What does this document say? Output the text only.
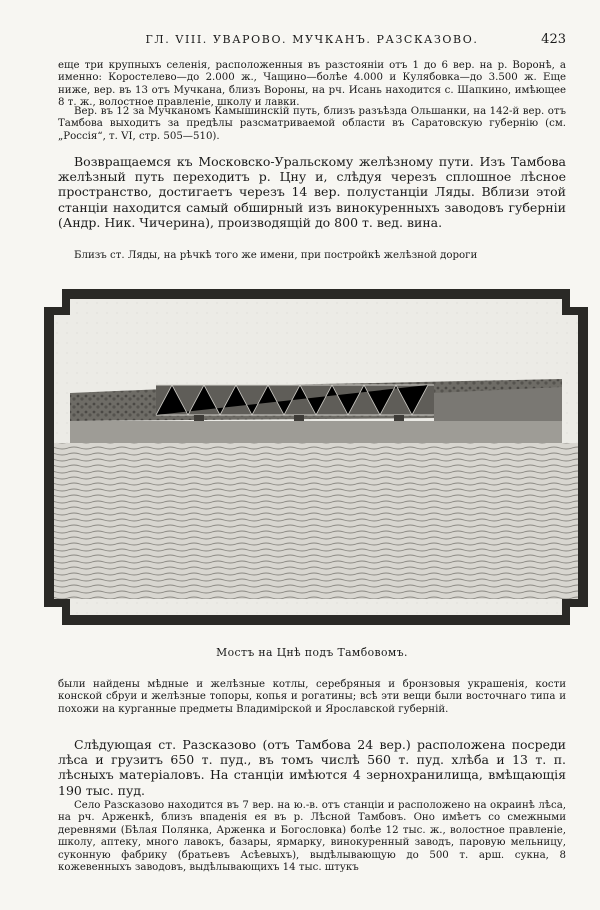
ГЛ. VIII. УВАРОВО. МУЧКАНЪ. РАЗСКАЗОВО.	423

еще три крупныхъ селенія, расположенныя въ разстояніи отъ 1 до 6 вер. на р. Воронѣ, а именно: Коростелево—до 2.000 ж., Чащино—болѣе 4.000 и Кулябовка—до 3.500 ж. Еще ниже, вер. въ 13 отъ Мучкана, близъ Вороны, на рч. Исань находится с. Шапкино, имѣющее 8 т. ж., волостное правленіе, школу и лавки.

Вер. въ 12 за Мучканомъ Камышинскій путь, близъ разъѣзда Ольшанки, на 142-й вер. отъ Тамбова выходитъ за предѣлы разсматриваемой области въ Саратовскую губернію (см. „Россія“, т. VI, стр. 505—510).

Возвращаемся къ Московско-Уральскому желѣзному пути. Изъ Тамбова желѣзный путь переходитъ р. Цну и, слѣдуя черезъ сплошное лѣсное пространство, достигаетъ черезъ 14 вер. полустанціи Ляды. Вблизи этой станціи находится самый обширный изъ винокуренныхъ заводовъ губерніи (Андр. Ник. Чичерина), производящій до 800 т. вед. вина.

Близъ ст. Ляды, на рѣчкѣ того же имени, при постройкѣ желѣзной дороги

Мостъ на Цнѣ подъ Тамбовомъ.

были найдены мѣдные и желѣзные котлы, серебряныя и бронзовыя украшенія, кости конской сбруи и желѣзные топоры, копья и рогатины; всѣ эти вещи были восточнаго типа и похожи на курганные предметы Владимірской и Ярославской губерній.

Слѣдующая ст. Разсказово (отъ Тамбова 24 вер.) расположена посреди лѣса и грузитъ 650 т. пуд., въ томъ числѣ 560 т. пуд. хлѣба и 13 т. п. лѣсныхъ матеріаловъ. На станціи имѣются 4 зернохранилища, вмѣщающія 190 тыс. пуд.

Село Разсказово находится въ 7 вер. на ю.-в. отъ станціи и расположено на окраинѣ лѣса, на рч. Арженкѣ, близъ впаденія ея въ р. Лѣсной Тамбовъ. Оно имѣетъ со смежными деревнями (Бѣлая Полянка, Арженка и Богословка) болѣе 12 тыс. ж., волостное правленіе, школу, аптеку, много лавокъ, базары, ярмарку, винокуренный заводъ, паровую мельницу, суконную фабрику (братьевъ Асѣевыхъ), выдѣлывающую до 500 т. арш. сукна, 8 кожевенныхъ заводовъ, выдѣлывающихъ 14 тыс. штукъ
